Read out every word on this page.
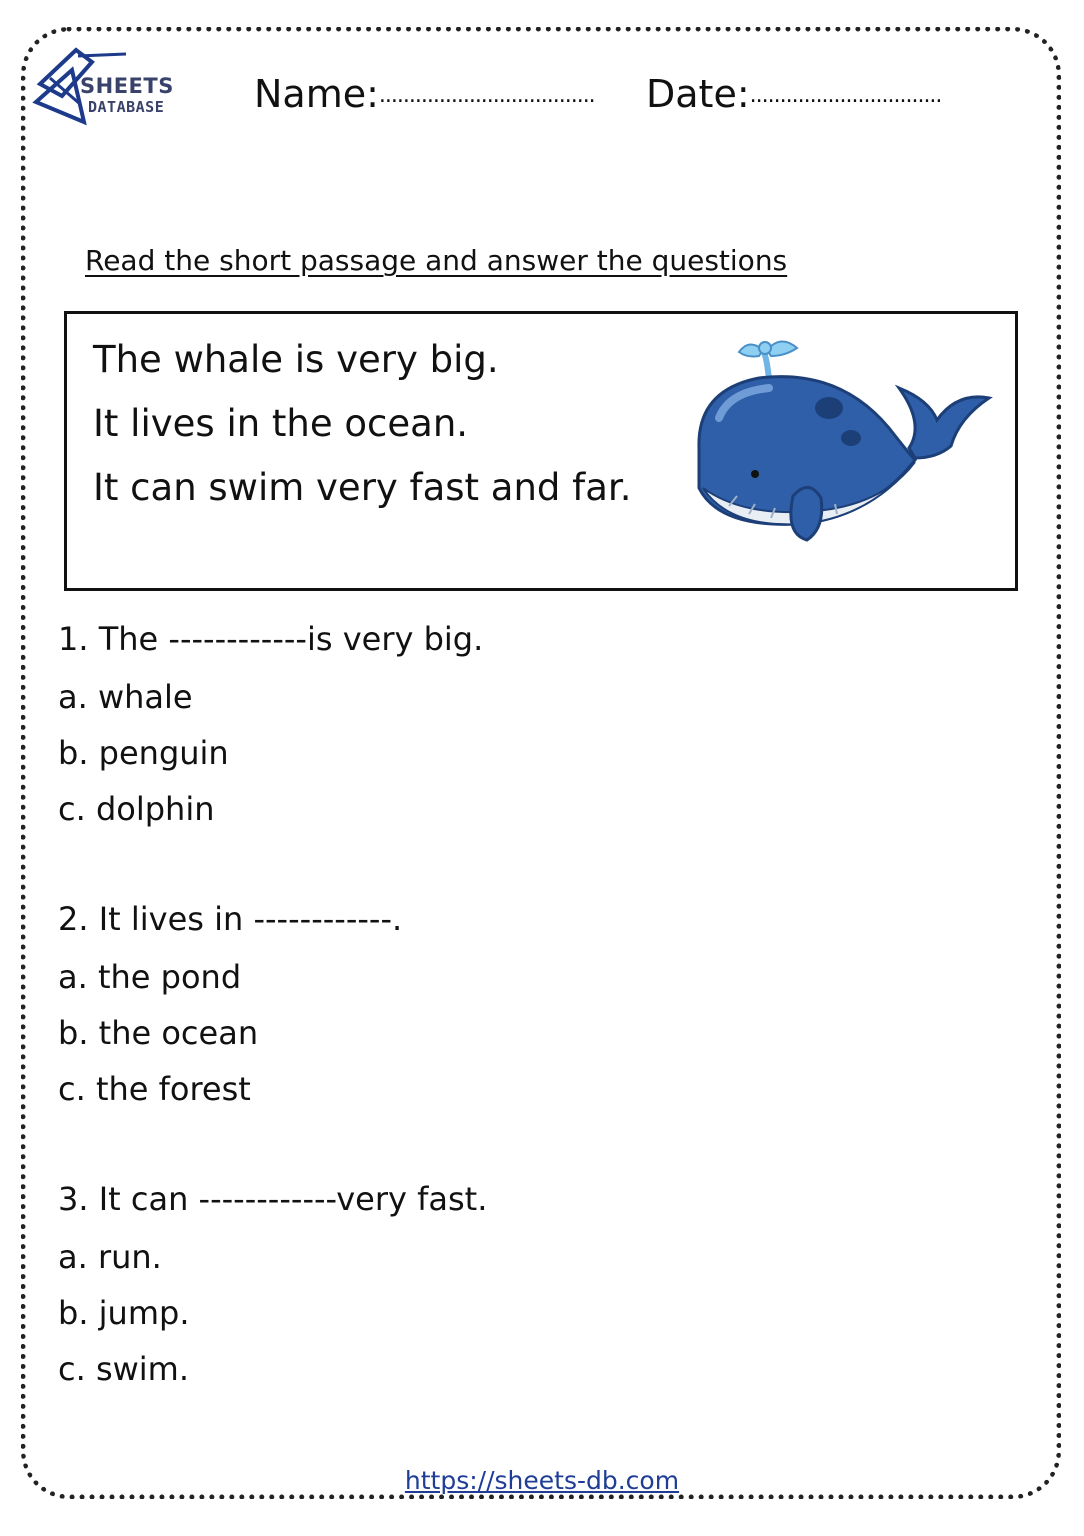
SHEETS
DATABASE Name:.................................... Date:................................
Read the short passage and answer the questions
The whale is very big.
It lives in the ocean.
It can swim very fast and far.
1. The ------------is very big.
a. whale
b. penguin
c. dolphin
2. It lives in ------------.
a. the pond
b. the ocean
c. the forest
3. It can ------------very fast.
a. run.
b. jump.
c. swim.
https://sheets-db.com
